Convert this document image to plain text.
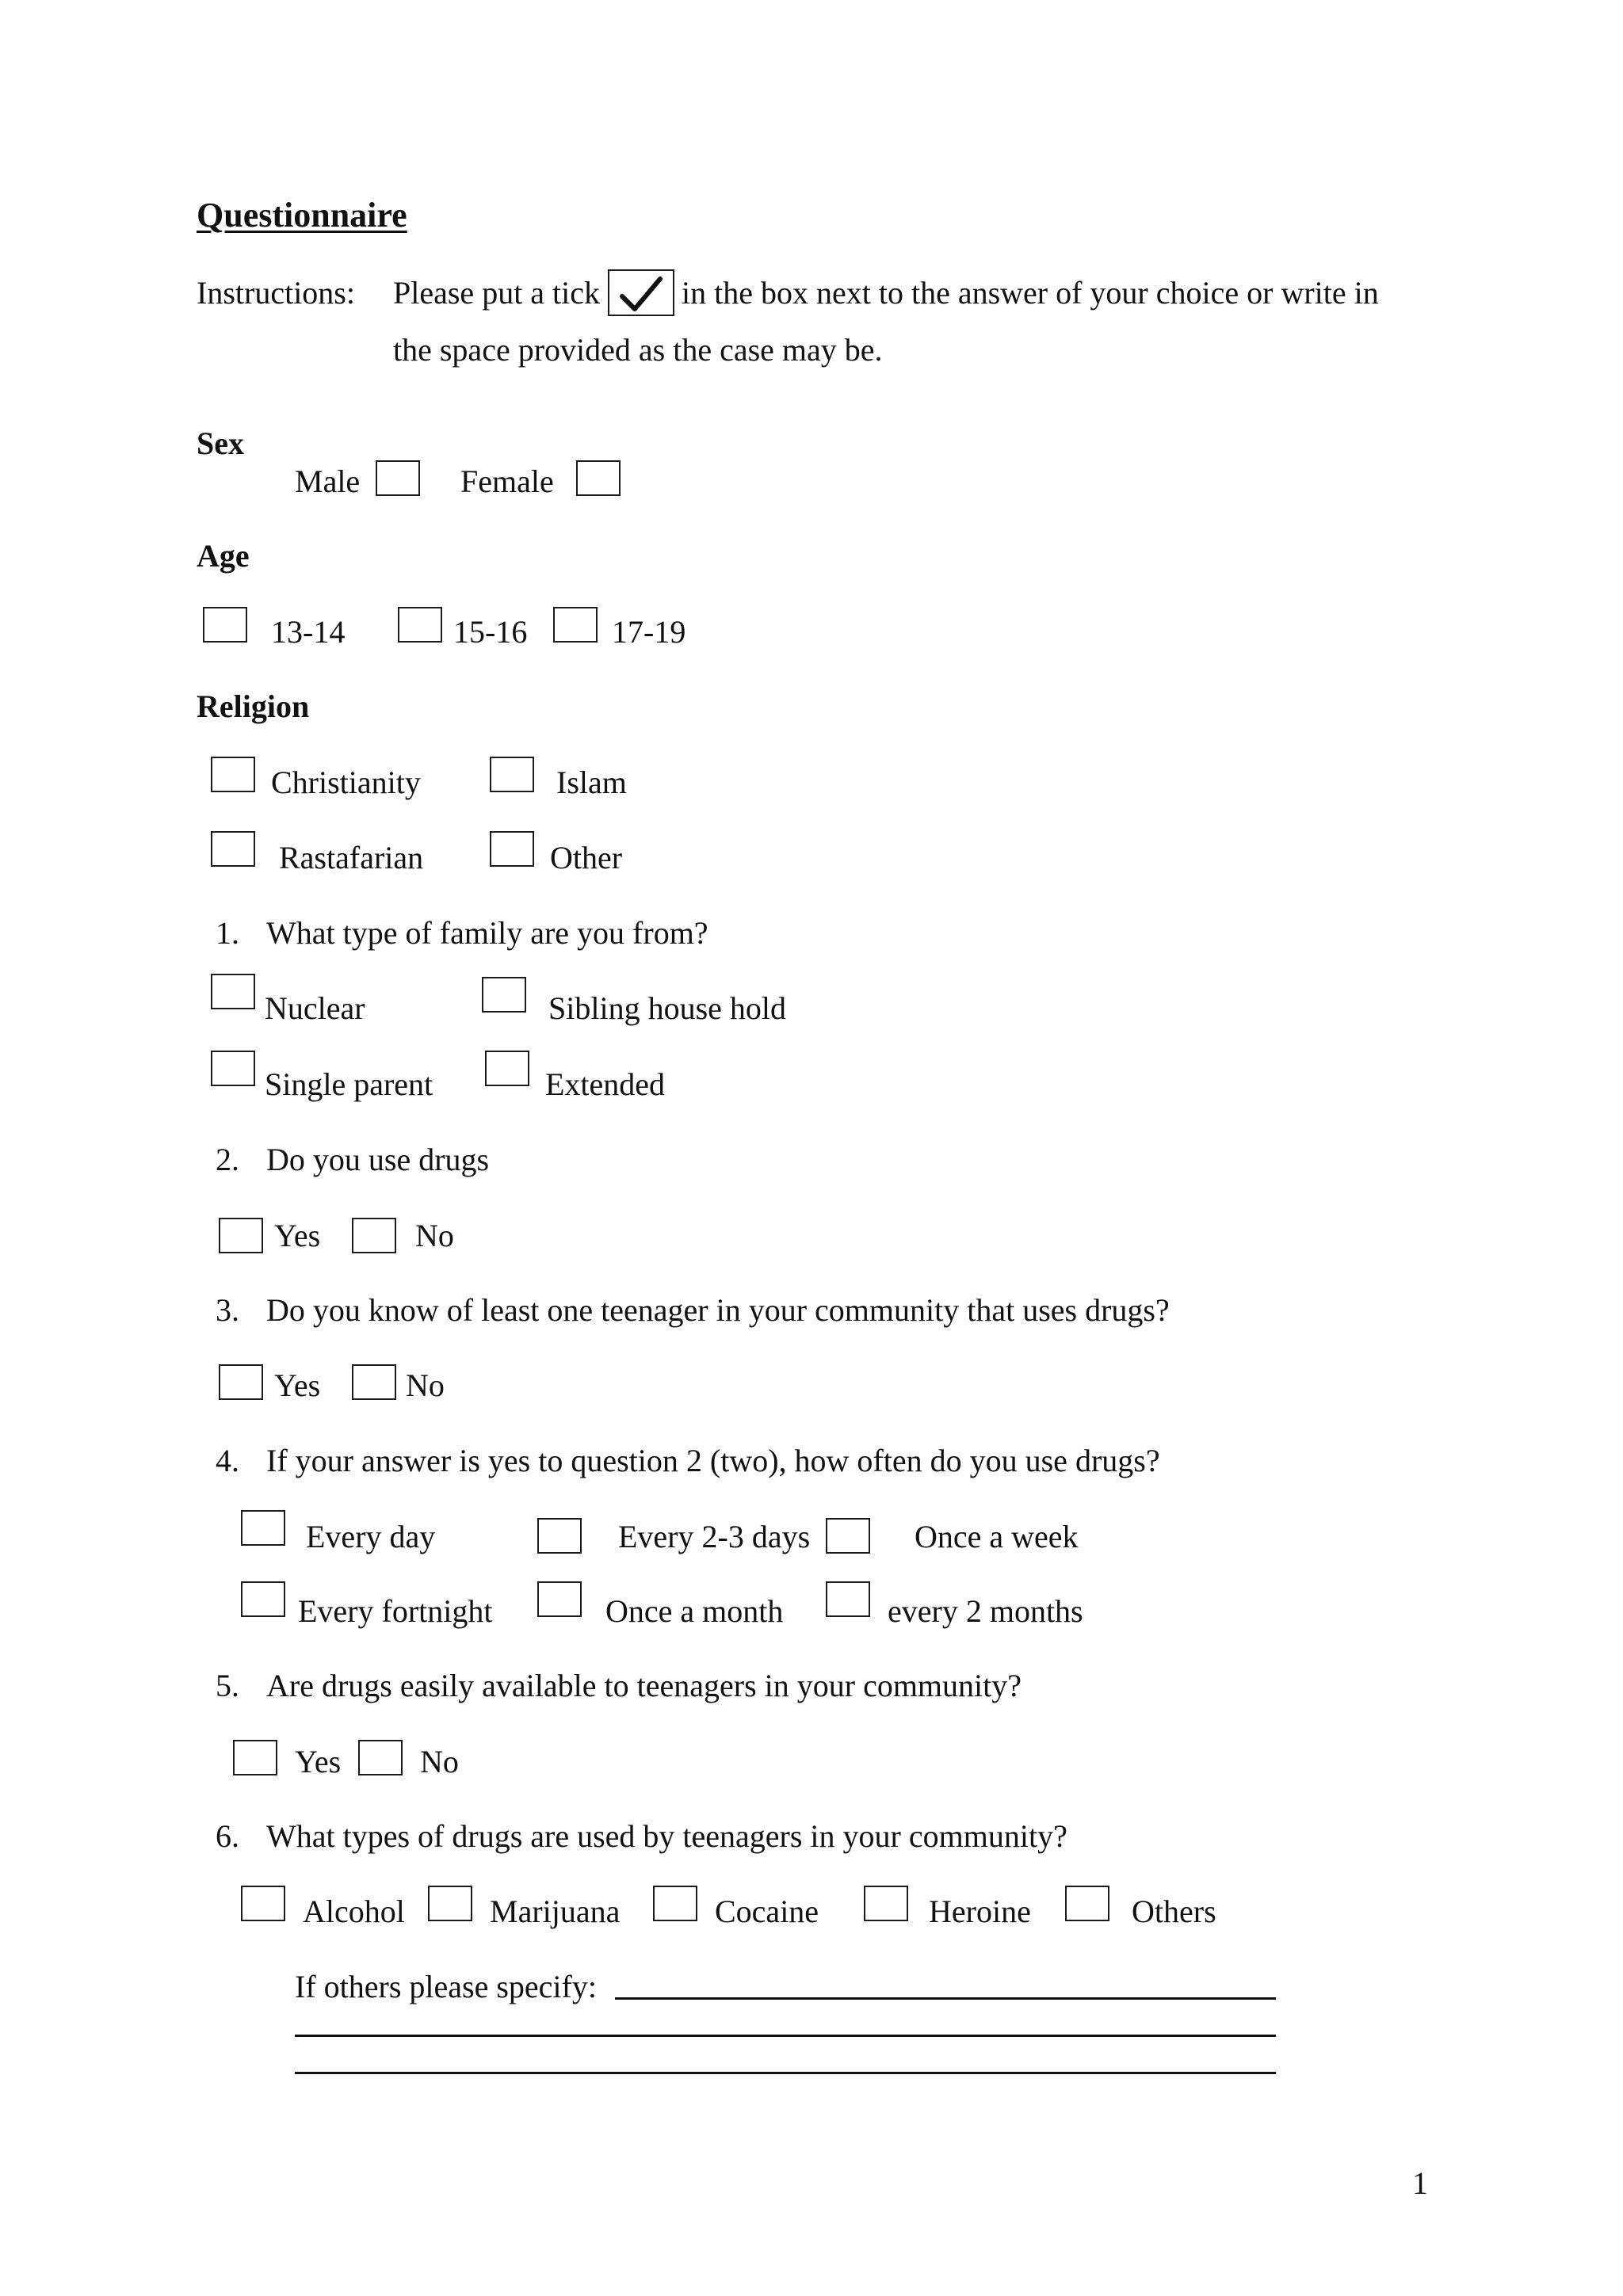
Questionnaire
Instructions: Please put a tick	in the box next to the answer of your choice or write in
the space provided as the case may be.
Sex
Male	Female
Age
13-14	15-16	17-19
Religion
Christianity	Islam
Rastafarian	Other
1. What type of family are you from?
Nuclear	Sibling house hold
Single parent	Extended
2. Do you use drugs
Yes	No
3. Do you know of least one teenager in your community that uses drugs?
Yes	No
4. If your answer is yes to question 2 (two), how often do you use drugs?
Every day	Every 2-3 days	Once a week
Every fortnight	Once a month	every 2 months
5. Are drugs easily available to teenagers in your community?
Yes No
6. What types of drugs are used by teenagers in your community?
Alcohol	Marijuana	Cocaine	Heroine	Others
If others please specify:
1
